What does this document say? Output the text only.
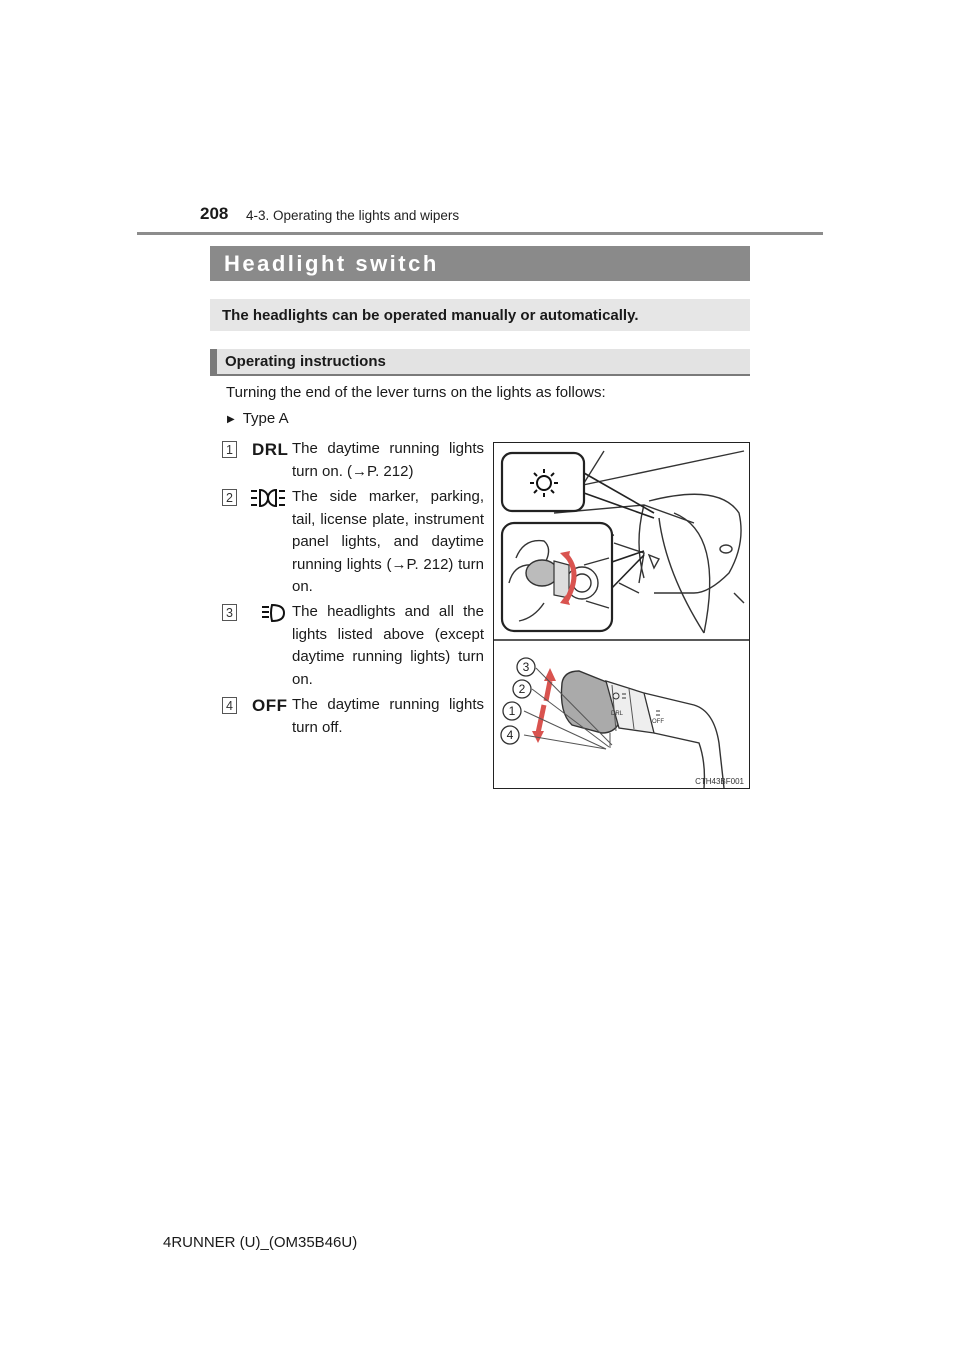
208 4-3. Operating the lights and wipers
Headlight switch
The headlights can be operated manually or automatically.
Operating instructions
Turning the end of the lever turns on the lights as follows:
▶ Type A
1 DRL The daytime running lights turn on. (→P. 212)
2	The side marker, parking, tail, license plate, instrument panel lights, and daytime running lights (→P. 212) turn on.
3	The headlights and all the lights listed above (except daytime running lights) turn on.
4 OFF The daytime running lights turn off.
DRL
OFF
3
2
1
4
CTH43BF001
4RUNNER (U)_(OM35B46U)
